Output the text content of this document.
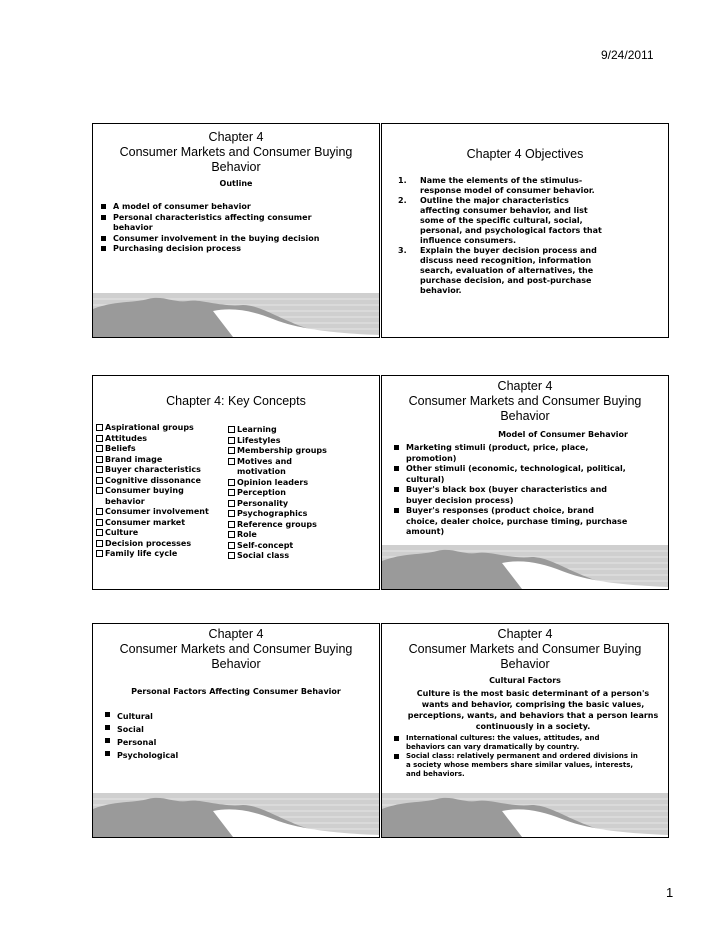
9/24/2011
Chapter 4
Consumer Markets and Consumer Buying
Behavior
Outline
A model of consumer behavior
Personal characteristics affecting consumer behavior
Consumer involvement in the buying decision
Purchasing decision process
Chapter 4 Objectives
1. Name the elements of the stimulus-response model of consumer behavior.
2. Outline the major characteristics affecting consumer behavior, and list some of the specific cultural, social, personal, and psychological factors that influence consumers.
3. Explain the buyer decision process and discuss need recognition, information search, evaluation of alternatives, the purchase decision, and post-purchase behavior.
Chapter 4: Key Concepts
Aspirational groups
Attitudes
Beliefs
Brand image
Buyer characteristics
Cognitive dissonance
Consumer buying behavior
Consumer involvement
Consumer market
Culture
Decision processes
Family life cycle
Learning
Lifestyles
Membership groups
Motives and motivation
Opinion leaders
Perception
Personality
Psychographics
Reference groups
Role
Self-concept
Social class
Chapter 4
Consumer Markets and Consumer Buying
Behavior
Model of Consumer Behavior
Marketing stimuli (product, price, place, promotion)
Other stimuli (economic, technological, political, cultural)
Buyer's black box (buyer characteristics and buyer decision process)
Buyer's responses (product choice, brand choice, dealer choice, purchase timing, purchase amount)
Chapter 4
Consumer Markets and Consumer Buying
Behavior
Personal Factors Affecting Consumer Behavior
Cultural
Social
Personal
Psychological
Chapter 4
Consumer Markets and Consumer Buying
Behavior
Cultural Factors
Culture is the most basic determinant of a person's wants and behavior, comprising the basic values, perceptions, wants, and behaviors that a person learns continuously in a society.
International cultures: the values, attitudes, and behaviors can vary dramatically by country.
Social class: relatively permanent and ordered divisions in a society whose members share similar values, interests, and behaviors.
1
